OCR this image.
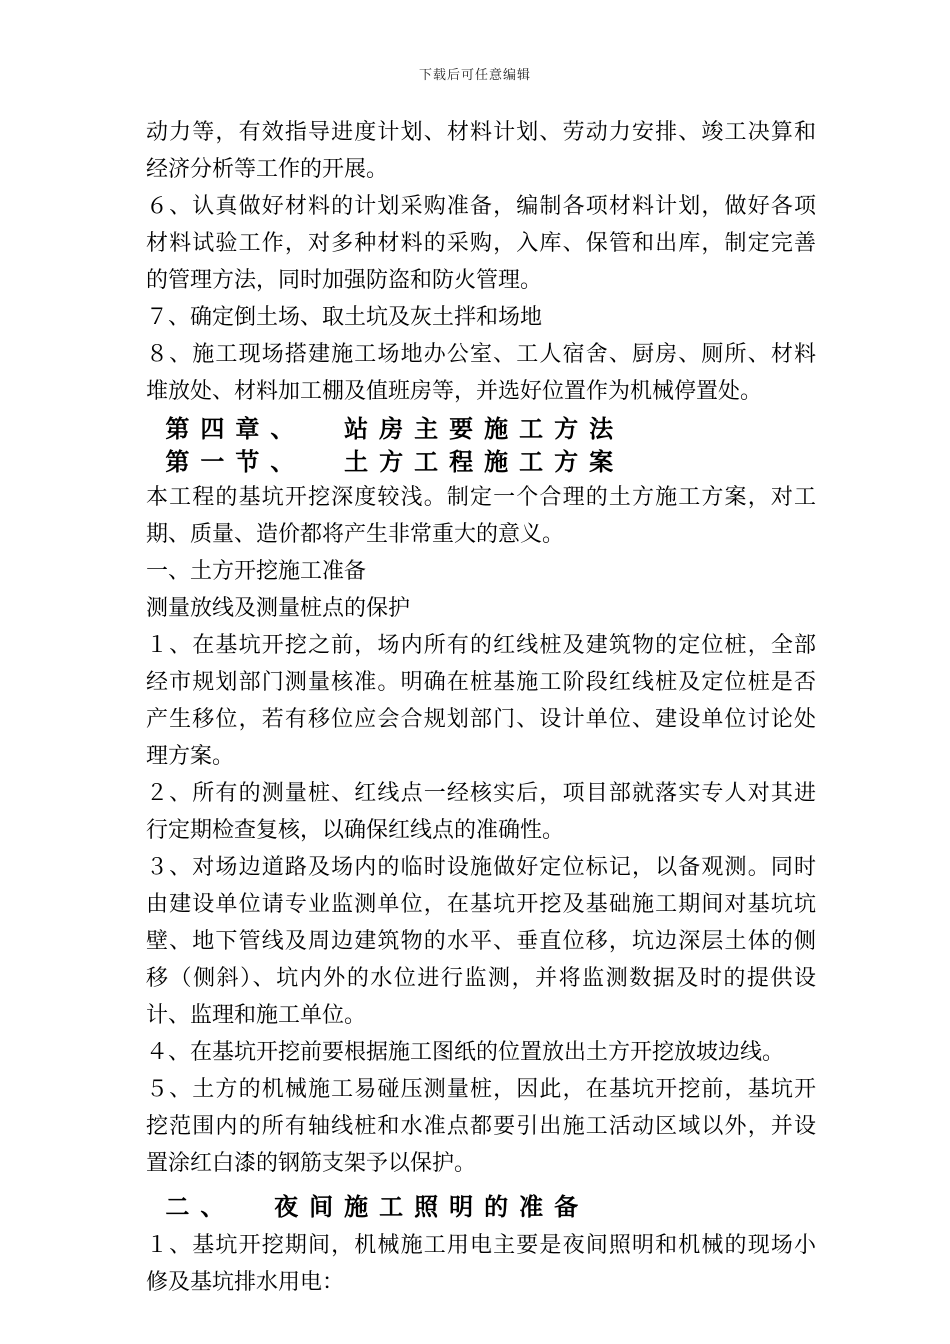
下载后可任意编辑
动力等，有效指导进度计划、材料计划、劳动力安排、竣工决算和
经济分析等工作的开展。
６、认真做好材料的计划采购准备，编制各项材料计划，做好各项
材料试验工作，对多种材料的采购，入库、保管和出库，制定完善
的管理方法，同时加强防盗和防火管理。
７、确定倒土场、取土坑及灰土拌和场地
８、施工现场搭建施工场地办公室、工人宿舍、厨房、厕所、材料
堆放处、材料加工棚及值班房等，并选好位置作为机械停置处。
第四章、  站房主要施工方法
第一节、  土方工程施工方案
本工程的基坑开挖深度较浅。制定一个合理的土方施工方案，对工
期、质量、造价都将产生非常重大的意义。
一、土方开挖施工准备
测量放线及测量桩点的保护
１、在基坑开挖之前，场内所有的红线桩及建筑物的定位桩，全部
经市规划部门测量核准。明确在桩基施工阶段红线桩及定位桩是否
产生移位，若有移位应会合规划部门、设计单位、建设单位讨论处
理方案。
２、所有的测量桩、红线点一经核实后，项目部就落实专人对其进
行定期检查复核，以确保红线点的准确性。
３、对场边道路及场内的临时设施做好定位标记，以备观测。同时
由建设单位请专业监测单位，在基坑开挖及基础施工期间对基坑坑
壁、地下管线及周边建筑物的水平、垂直位移，坑边深层土体的侧
移（侧斜）、坑内外的水位进行监测，并将监测数据及时的提供设
计、监理和施工单位。
４、在基坑开挖前要根据施工图纸的位置放出土方开挖放坡边线。
５、土方的机械施工易碰压测量桩，因此，在基坑开挖前，基坑开
挖范围内的所有轴线桩和水准点都要引出施工活动区域以外，并设
置涂红白漆的钢筋支架予以保护。
二、  夜间施工照明的准备
１、基坑开挖期间，机械施工用电主要是夜间照明和机械的现场小
修及基坑排水用电：
